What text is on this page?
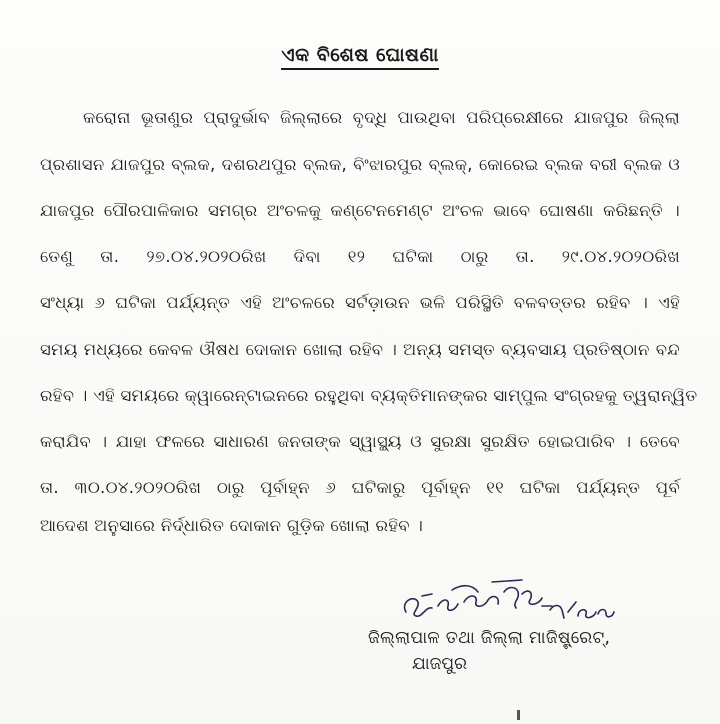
ଏକ ବିଶେଷ ଘୋଷଣା
କରୋନା ଭୂତାଣୁର ପ୍ରାଦୁର୍ଭାବ ଜିଲ୍ଲାରେ ବୃଦ୍ଧି ପାଉଥିବା ପରିପ୍ରେକ୍ଷୀରେ ଯାଜପୁର ଜିଲ୍ଲା
ପ୍ରଶାସନ ଯାଜପୁର ବ୍ଲକ, ଦଶରଥପୁର ବ୍ଲକ, ବିଂଝାରପୁର ବ୍ଲକ୍, କୋରେଇ ବ୍ଲକ ବରୀ ବ୍ଲକ ଓ
ଯାଜପୁର ପୌରପାଳିକାର ସମଗ୍ର ଅଂଚଳକୁ କଣ୍ଟେନମେଣ୍ଟ ଅଂଚଳ ଭାବେ ଘୋଷଣା କରିଛନ୍ତି ।
ତେଣୁ ତା. ୨୭.୦୪.୨୦୨୦ରିଖ ଦିବା ୧୨ ଘଟିକା ଠାରୁ ତା. ୨୯.୦୪.୨୦୨୦ରିଖ
ସଂଧ୍ୟା ୬ ଘଟିକା ପର୍ଯ୍ୟନ୍ତ ଏହି ଅଂଚଳରେ ସର୍ଟଡ଼ାଉନ ଭଳି ପରିସ୍ଥିତି ବଳବତ୍ତର ରହିବ । ଏହି
ସମୟ ମଧ୍ୟରେ କେବଳ ଔଷଧ ଦୋକାନ ଖୋଲା ରହିବ । ଅନ୍ୟ ସମସ୍ତ ବ୍ୟବସାୟ ପ୍ରତିଷ୍ଠାନ ବନ୍ଦ
ରହିବ । ଏହି ସମୟରେ କ୍ୱାରେନ୍‌ଟାଇନରେ ରହୁଥିବା ବ୍ୟକ୍ତିମାନଙ୍କର ସାମ୍ପୁଲ ସଂଗ୍ରହକୁ ତ୍ୱରାନ୍ୱିତ
କରାଯିବ । ଯାହା ଫଳରେ ସାଧାରଣ ଜନତାଙ୍କ ସ୍ୱାସ୍ଥ୍ୟ ଓ ସୁରକ୍ଷା ସୁରକ୍ଷିତ ହୋଇପାରିବ । ତେବେ
ତା. ୩୦.୦୪.୨୦୨୦ରିଖ ଠାରୁ ପୂର୍ବାହ୍ନ ୬ ଘଟିକାରୁ ପୂର୍ବାହ୍ନ ୧୧ ଘଟିକା ପର୍ଯ୍ୟନ୍ତ ପୂର୍ବ
ଆଦେଶ ଅନୁସାରେ ନିର୍ଦ୍ଧାରିତ ଦୋକାନ ଗୁଡ଼ିକ ଖୋଲା ରହିବ ।
ଜିଲ୍ଲାପାଳ ତଥା ଜିଲ୍ଲା ମାଜିଷ୍ଟ୍ରେଟ୍,
ଯାଜପୁର
